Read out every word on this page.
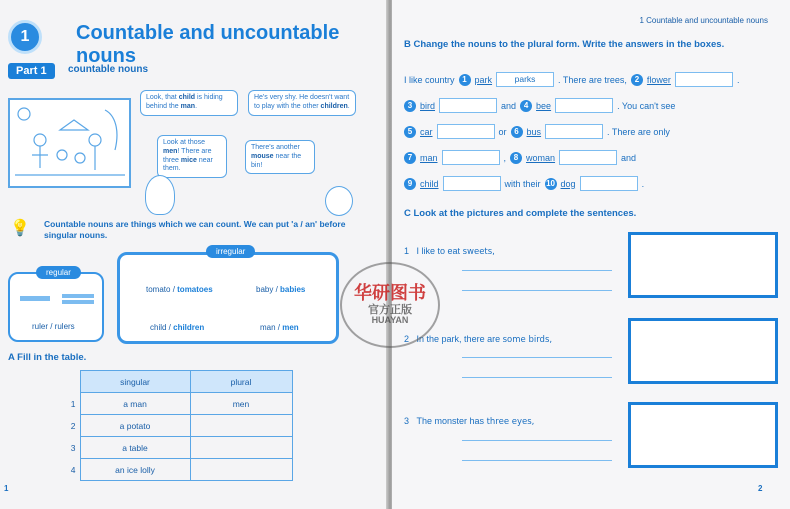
1	Countable and uncountable nouns
Part 1	countable nouns
Look, that child is hiding behind the man.
He's very shy. He doesn't want to play with the other children.
Look at those men! There are three mice near them.
There's another mouse near the bin!
💡 Countable nouns are things which we can count. We can put 'a / an' before singular nouns.
regular
ruler / rulers
irregular
tomato / tomatoes	baby / babies
child / children	man / men
A Fill in the table.
	singular	plural
1	a man	men
2	a potato	
3	a table	
4	an ice lolly	
1
1 Countable and uncountable nouns
B Change the nouns to the plural form. Write the answers in the boxes.
I like country 1 park	parks	. There are trees, 2 flower	.
3 bird	and 4 bee	. You can't see
5 car	or 6 bus	. There are only
7 man	, 8 woman	and
9 child	with their 10 dog	.
C Look at the pictures and complete the sentences.
1 I like to eat sweets,
2 In the park, there are some birds,
3 The monster has three eyes,
2
华研图书
官方正版
HUAYAN
